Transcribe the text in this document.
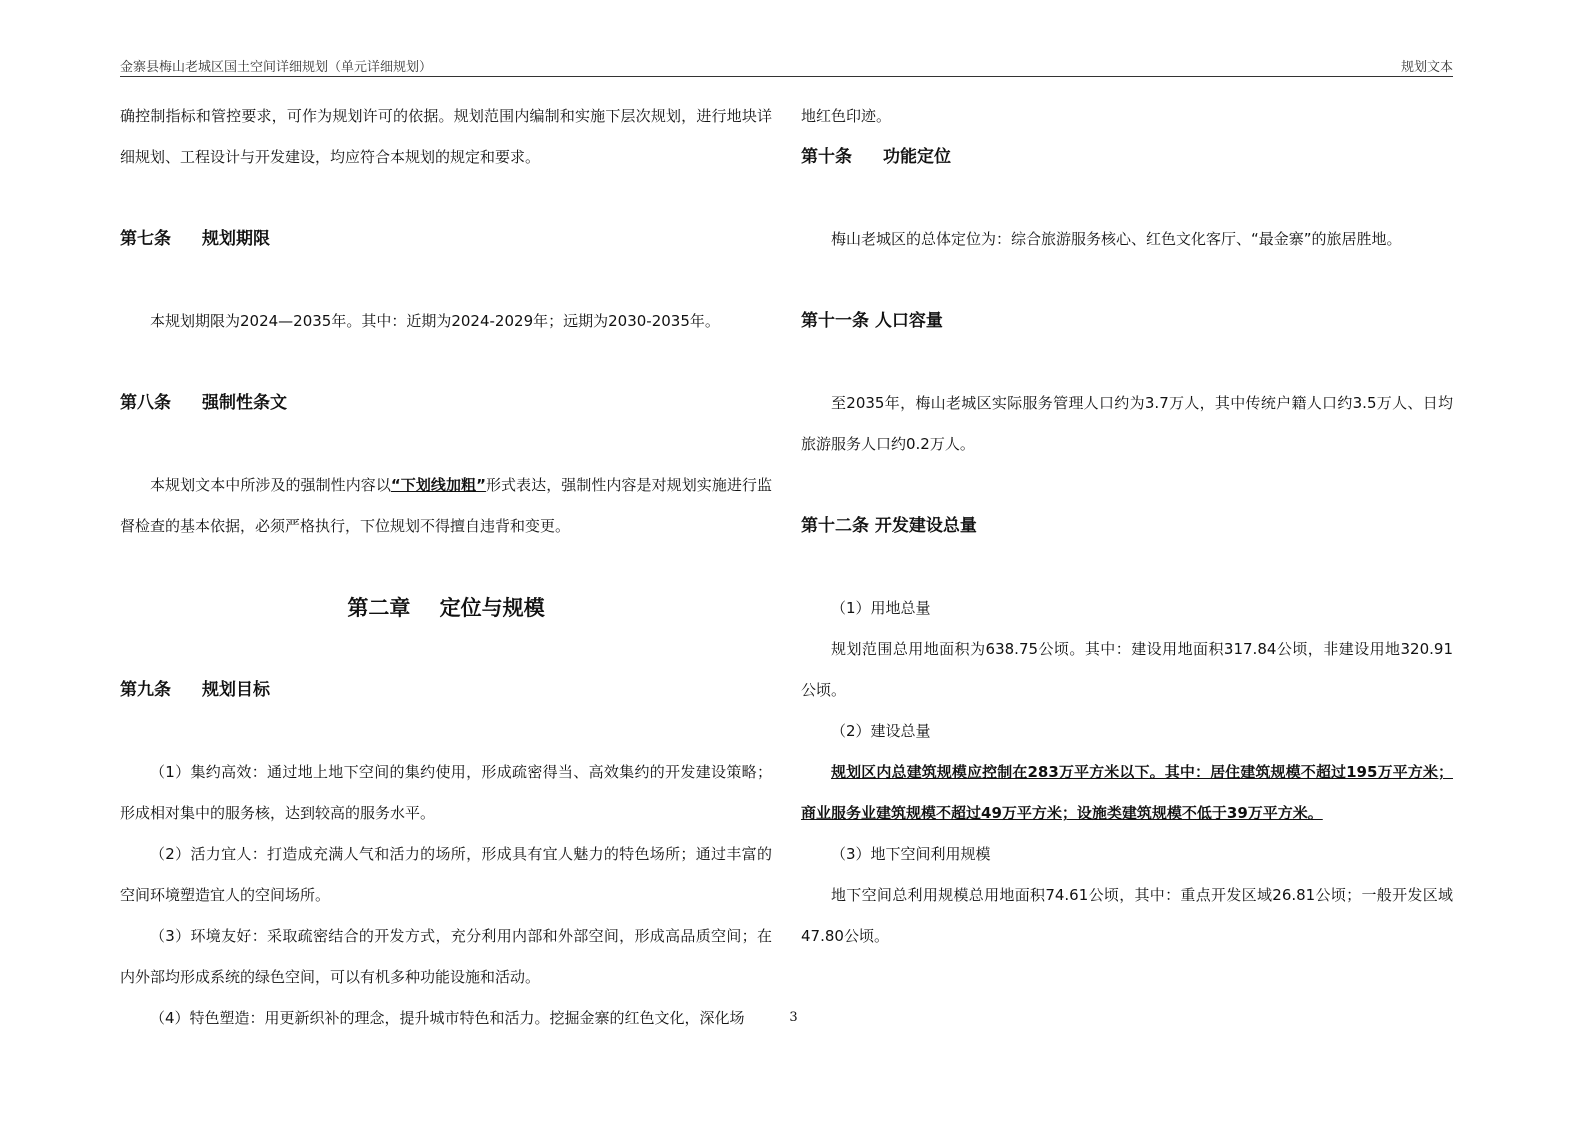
金寨县梅山老城区国土空间详细规划（单元详细规划）	规划文本
确控制指标和管控要求，可作为规划许可的依据。规划范围内编制和实施下层次规划，进行地块详细规划、工程设计与开发建设，均应符合本规划的规定和要求。
第七条 规划期限
本规划期限为2024—2035年。其中：近期为2024-2029年；远期为2030-2035年。
第八条 强制性条文
本规划文本中所涉及的强制性内容以“下划线加粗”形式表达，强制性内容是对规划实施进行监督检查的基本依据，必须严格执行，下位规划不得擅自违背和变更。
第二章    定位与规模
第九条 规划目标
（1）集约高效：通过地上地下空间的集约使用，形成疏密得当、高效集约的开发建设策略；形成相对集中的服务核，达到较高的服务水平。
（2）活力宜人：打造成充满人气和活力的场所，形成具有宜人魅力的特色场所；通过丰富的空间环境塑造宜人的空间场所。
（3）环境友好：采取疏密结合的开发方式，充分利用内部和外部空间，形成高品质空间；在内外部均形成系统的绿色空间，可以有机多种功能设施和活动。
（4）特色塑造：用更新织补的理念，提升城市特色和活力。挖掘金寨的红色文化，深化场
地红色印迹。
第十条 功能定位
梅山老城区的总体定位为：综合旅游服务核心、红色文化客厅、“最金寨”的旅居胜地。
第十一条 人口容量
至2035年，梅山老城区实际服务管理人口约为3.7万人，其中传统户籍人口约3.5万人、日均旅游服务人口约0.2万人。
第十二条 开发建设总量
（1）用地总量
规划范围总用地面积为638.75公顷。其中：建设用地面积317.84公顷，非建设用地320.91公顷。
（2）建设总量
规划区内总建筑规模应控制在283万平方米以下。其中：居住建筑规模不超过195万平方米；商业服务业建筑规模不超过49万平方米；设施类建筑规模不低于39万平方米。
（3）地下空间利用规模
地下空间总利用规模总用地面积74.61公顷，其中：重点开发区域26.81公顷；一般开发区域47.80公顷。
3
